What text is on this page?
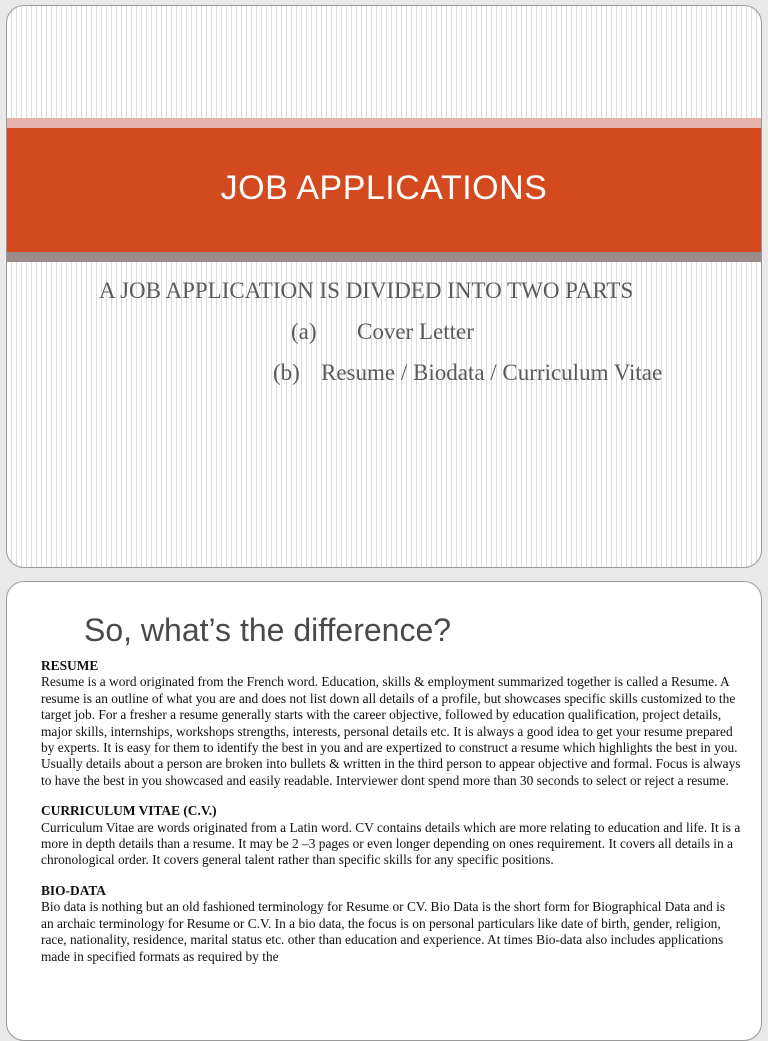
JOB APPLICATIONS
A JOB APPLICATION IS DIVIDED INTO TWO PARTS
(a) Cover Letter
(b) Resume / Biodata / Curriculum Vitae
So, what’s the difference?
RESUME

Resume is a word originated from the French word. Education, skills & employment summarized together is called a Resume. A resume is an outline of what you are and does not list down all details of a profile, but showcases specific skills customized to the target job. For a fresher a resume generally starts with the career objective, followed by education qualification, project details, major skills, internships, workshops strengths, interests, personal details etc. It is always a good idea to get your resume prepared by experts. It is easy for them to identify the best in you and are expertized to construct a resume which highlights the best in you. Usually details about a person are broken into bullets & written in the third person to appear objective and formal. Focus is always to have the best in you showcased and easily readable. Interviewer dont spend more than 30 seconds to select or reject a resume.

CURRICULUM VITAE (C.V.)

Curriculum Vitae are words originated from a Latin word. CV contains details which are more relating to education and life. It is a more in depth details than a resume. It may be 2 –3 pages or even longer depending on ones requirement. It covers all details in a chronological order. It covers general talent rather than specific skills for any specific positions.

BIO-DATA

Bio data is nothing but an old fashioned terminology for Resume or CV. Bio Data is the short form for Biographical Data and is an archaic terminology for Resume or C.V. In a bio data, the focus is on personal particulars like date of birth, gender, religion, race, nationality, residence, marital status etc. other than education and experience. At times Bio-data also includes applications made in specified formats as required by the
